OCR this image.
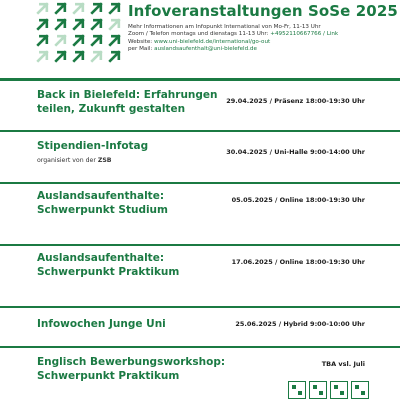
Infoveranstaltungen SoSe 2025
Mehr Informationen am Infopunkt International von Mo-Fr, 11-13 Uhr
Zoom / Telefon montags und dienstags 11-13 Uhr: +4952110667766 / Link
Website: www.uni-bielefeld.de/international/go-out
per Mail: auslandsaufenthalt@uni-bielefeld.de
Back in Bielefeld: Erfahrungen teilen, Zukunft gestalten
29.04.2025 / Präsenz 18:00-19:30 Uhr
Stipendien-Infotag
organisiert von der ZSB
30.04.2025 / Uni-Halle 9:00-14:00 Uhr
Auslandsaufenthalte: Schwerpunkt Studium
05.05.2025 / Online 18:00-19:30 Uhr
Auslandsaufenthalte: Schwerpunkt Praktikum
17.06.2025 / Online 18:00-19:30 Uhr
Infowochen Junge Uni	25.06.2025 / Hybrid 9:00-10:00 Uhr
Englisch Bewerbungsworkshop: Schwerpunkt Praktikum
TBA vsl. Juli
